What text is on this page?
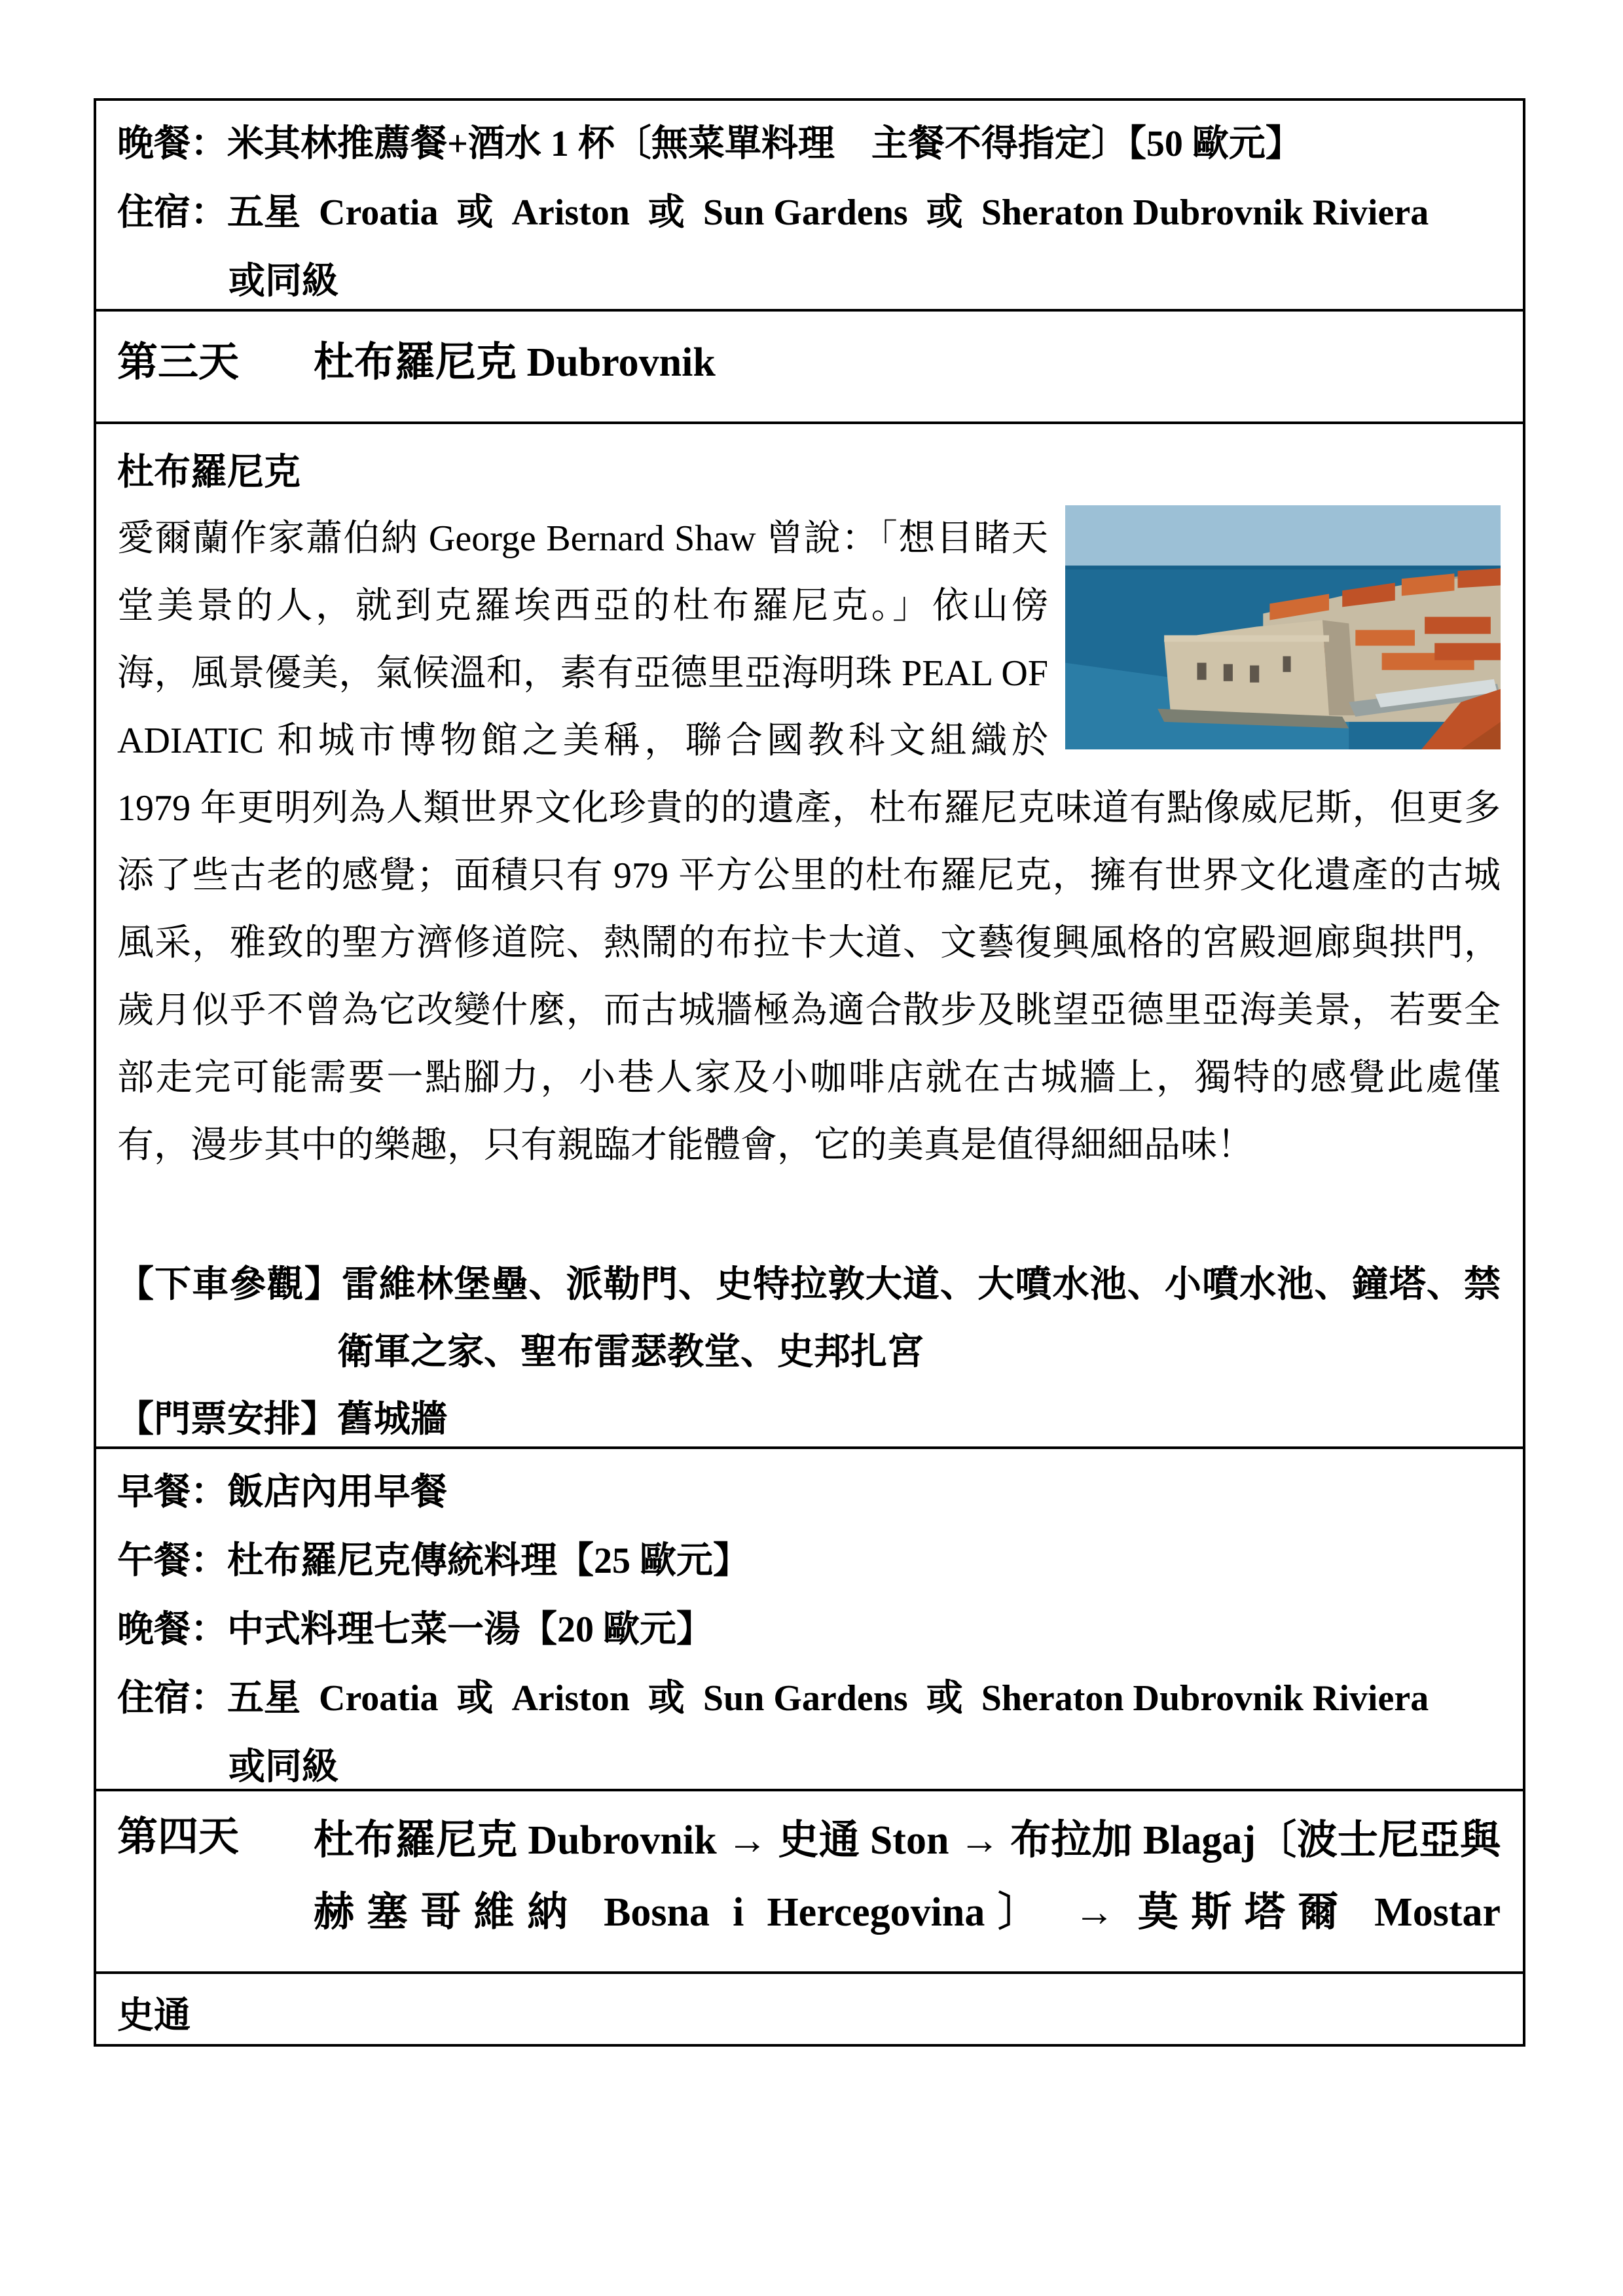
晚餐：米其林推薦餐+酒水 1 杯〔無菜單料理　主餐不得指定〕【50 歐元】
住宿：五星  Croatia  或  Ariston  或  Sun Gardens  或  Sheraton Dubrovnik Riviera
或同級
第三天	杜布羅尼克 Dubrovnik
杜布羅尼克

愛爾蘭作家蕭伯納 George Bernard Shaw 曾說：「想目睹天堂美景的人，就到克羅埃西亞的杜布羅尼克。」依山傍海，風景優美，氣候溫和，素有亞德里亞海明珠 PEAL OF ADIATIC 和城市博物館之美稱，聯合國教科文組織於 1979 年更明列為人類世界文化珍貴的的遺產，杜布羅尼克味道有點像威尼斯，但更多添了些古老的感覺；面積只有 979 平方公里的杜布羅尼克，擁有世界文化遺產的古城風采，雅致的聖方濟修道院、熱鬧的布拉卡大道、文藝復興風格的宮殿迴廊與拱門，歲月似乎不曾為它改變什麼，而古城牆極為適合散步及眺望亞德里亞海美景，若要全部走完可能需要一點腳力，小巷人家及小咖啡店就在古城牆上，獨特的感覺此處僅有，漫步其中的樂趣，只有親臨才能體會，它的美真是值得細細品味！

【下車參觀】雷維林堡壘、派勒門、史特拉敦大道、大噴水池、小噴水池、鐘塔、禁衛軍之家、聖布雷瑟教堂、史邦扎宮
【門票安排】舊城牆
早餐：飯店內用早餐
午餐：杜布羅尼克傳統料理【25 歐元】
晚餐：中式料理七菜一湯【20 歐元】
住宿：五星  Croatia  或  Ariston  或  Sun Gardens  或  Sheraton Dubrovnik Riviera
或同級
第四天	杜布羅尼克 Dubrovnik → 史通 Ston → 布拉加 Blagaj〔波士尼亞與赫塞哥維納 Bosna i Hercegovina〕 → 莫斯塔爾 Mostar
史通
